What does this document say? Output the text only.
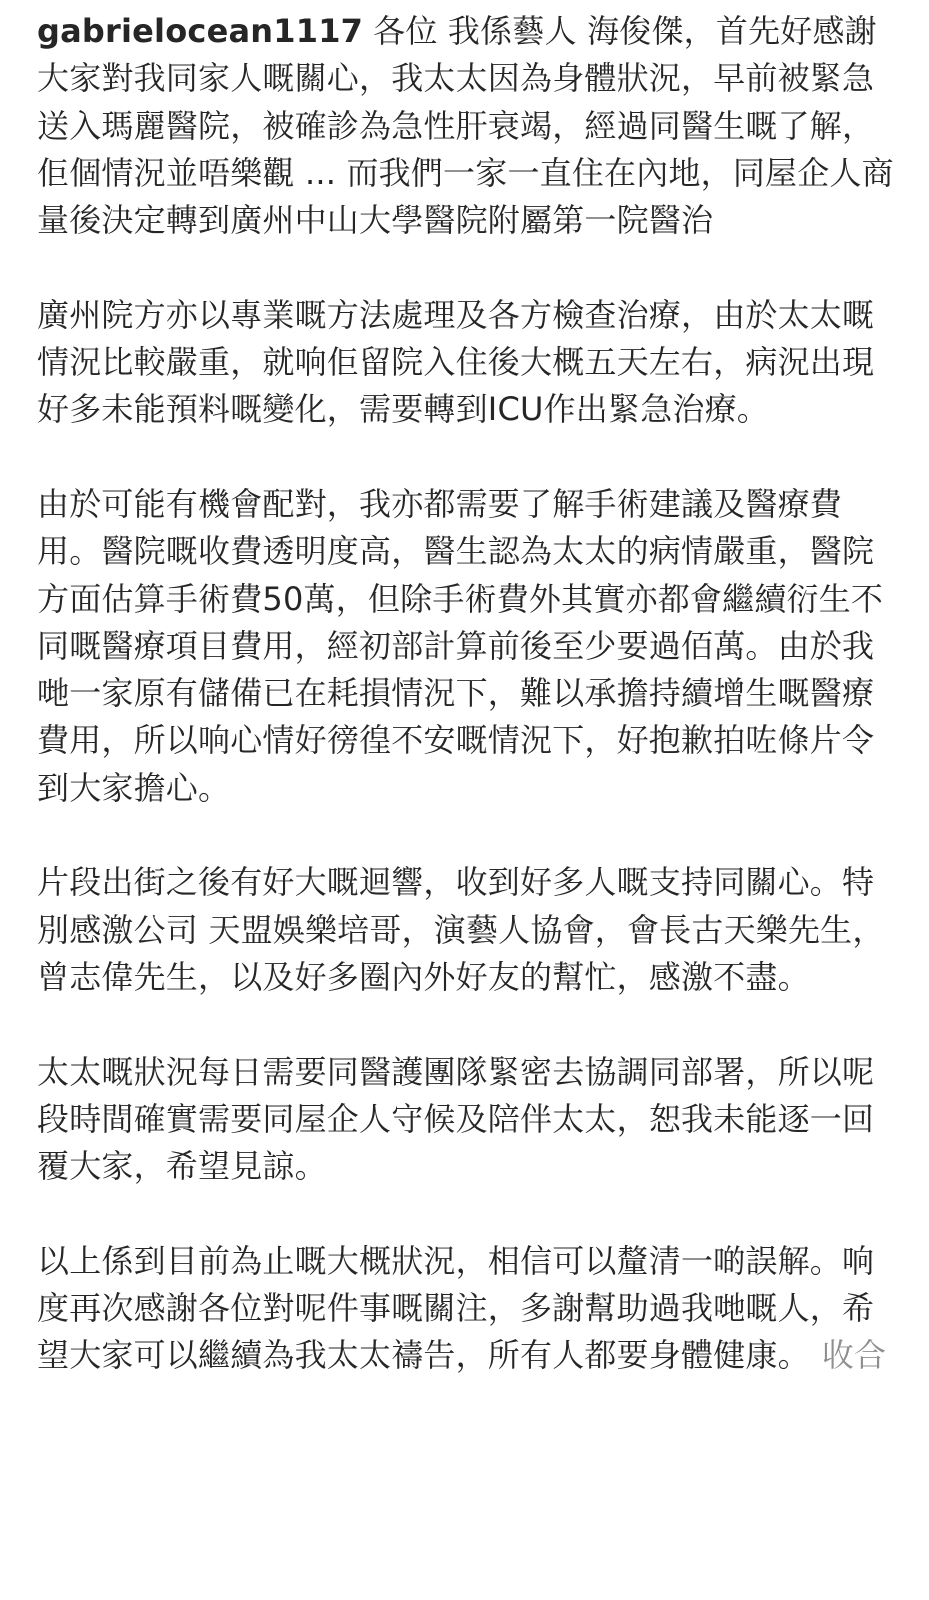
gabrielocean1117 各位 我係藝人 海俊傑，首先好感謝大家對我同家人嘅關心，我太太因為身體狀況，早前被緊急送入瑪麗醫院，被確診為急性肝衰竭，經過同醫生嘅了解，佢個情況並唔樂觀 ... 而我們一家一直住在內地，同屋企人商量後決定轉到廣州中山大學醫院附屬第一院醫治

廣州院方亦以專業嘅方法處理及各方檢查治療，由於太太嘅情況比較嚴重，就响佢留院入住後大概五天左右，病況出現好多未能預料嘅變化，需要轉到ICU作出緊急治療。

由於可能有機會配對，我亦都需要了解手術建議及醫療費用。醫院嘅收費透明度高，醫生認為太太的病情嚴重，醫院方面估算手術費50萬，但除手術費外其實亦都會繼續衍生不同嘅醫療項目費用，經初部計算前後至少要過佰萬。由於我哋一家原有儲備已在耗損情況下，難以承擔持續增生嘅醫療費用，所以响心情好徬徨不安嘅情況下，好抱歉拍咗條片令到大家擔心。

片段出街之後有好大嘅迴響，收到好多人嘅支持同關心。特別感激公司 天盟娛樂培哥，演藝人協會，會長古天樂先生，曾志偉先生，以及好多圈內外好友的幫忙，感激不盡。

太太嘅狀況每日需要同醫護團隊緊密去協調同部署，所以呢段時間確實需要同屋企人守候及陪伴太太，恕我未能逐一回覆大家，希望見諒。

以上係到目前為止嘅大概狀況，相信可以釐清一啲誤解。响度再次感謝各位對呢件事嘅關注，多謝幫助過我哋嘅人，希望大家可以繼續為我太太禱告，所有人都要身體健康。 收合
